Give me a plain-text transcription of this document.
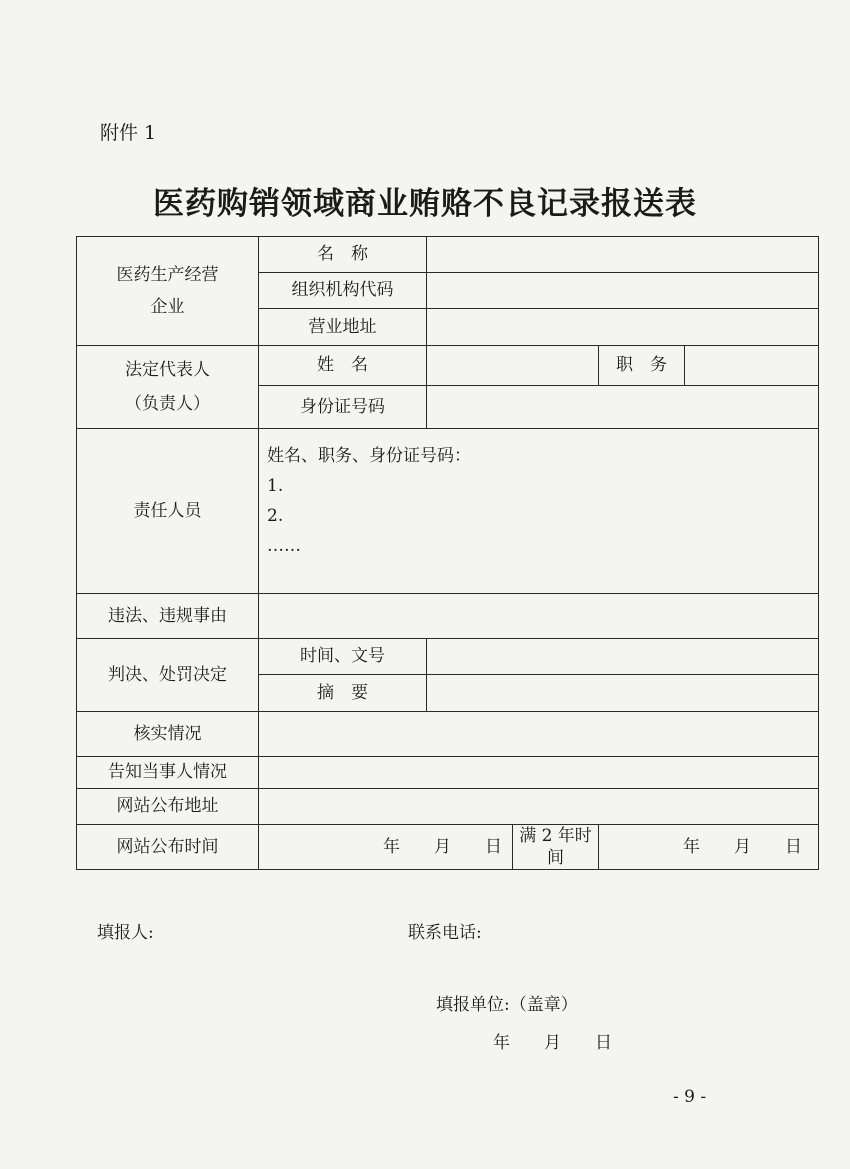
附件 1
医药购销领域商业贿赂不良记录报送表
医药生产经营
企业	名　称				
	组织机构代码				
	营业地址				

法定代表人
（负责人）	姓　名			职　务	
	身份证号码				
责任人员	姓名、职务、身份证号码：
1.
2.
……				

违法、违规事由					
判决、处罚决定	时间、文号				
	摘　要				
核实情况					
告知当事人情况					
网站公布地址					
网站公布时间	年　　月　　日		满 2 年时间	年　　月　　日	
填报人:	联系电话:
填报单位:（盖章）
年　　月　　日
- 9 -
